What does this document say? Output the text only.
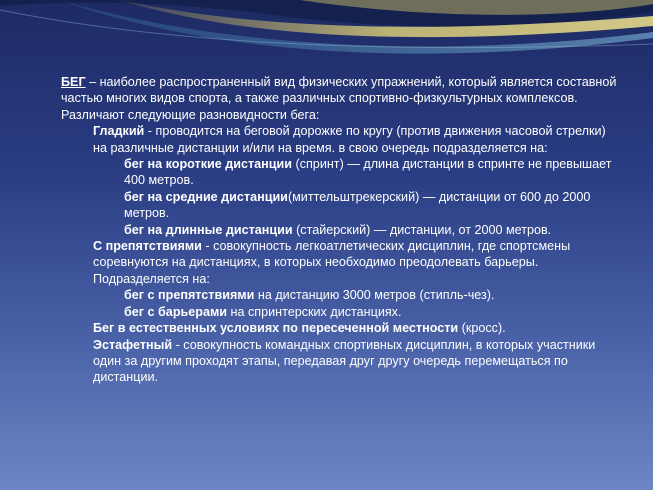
БЕГ – наиболее распространенный вид физических упражнений, который является составной частью многих видов спорта, а также различных спортивно-физкультурных комплексов. Различают следующие разновидности бега:

Гладкий - проводится на беговой дорожке по кругу (против движения часовой стрелки) на различные дистанции и/или на время. в свою очередь подразделяется на:

бег на короткие дистанции (спринт) — длина дистанции в спринте не превышает 400 метров.

бег на средние дистанции(миттельштрекерский) — дистанции от 600 до 2000 метров.

бег на длинные дистанции (стайерский) — дистанции, от 2000 метров.

С препятствиями - совокупность легкоатлетических дисциплин, где спортсмены соревнуются на дистанциях, в которых необходимо преодолевать барьеры. Подразделяется на:

бег с препятствиями на дистанцию 3000 метров (стипль-чез).

бег с барьерами на спринтерских дистанциях.

Бег в естественных условиях по пересеченной местности (кросс).

Эстафетный - совокупность командных спортивных дисциплин, в которых участники один за другим проходят этапы, передавая друг другу очередь перемещаться по дистанции.
